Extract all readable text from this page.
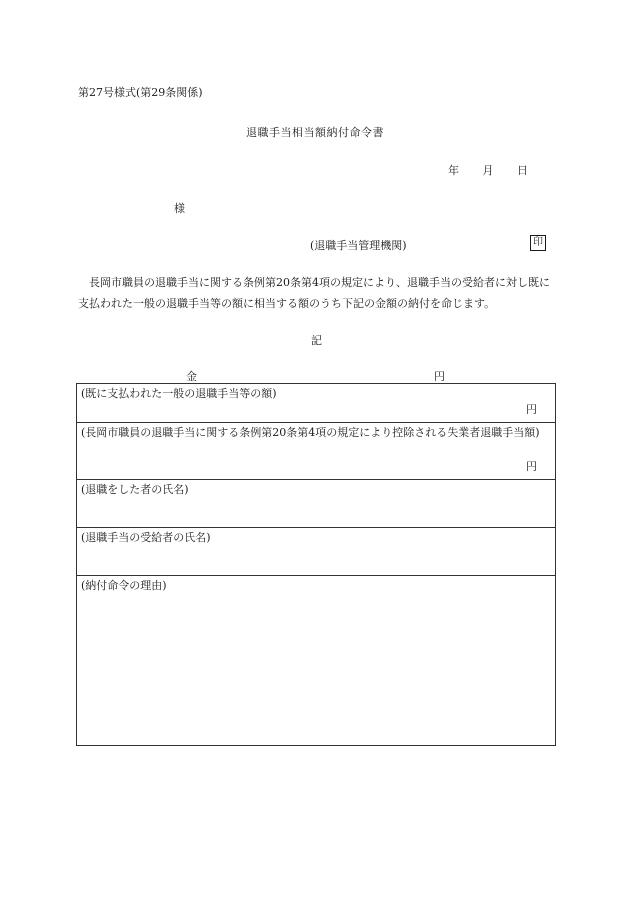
第27号様式(第29条関係)
退職手当相当額納付命令書
年 月 日
様
(退職手当管理機関)	印
長岡市職員の退職手当に関する条例第20条第4項の規定により、退職手当の受給者に対し既に支払われた一般の退職手当等の額に相当する額のうち下記の金額の納付を命じます。
記
金	円
(既に支払われた一般の退職手当等の額)
円
(長岡市職員の退職手当に関する条例第20条第4項の規定により控除される失業者退職手当額)
円
(退職をした者の氏名)
(退職手当の受給者の氏名)
(納付命令の理由)
